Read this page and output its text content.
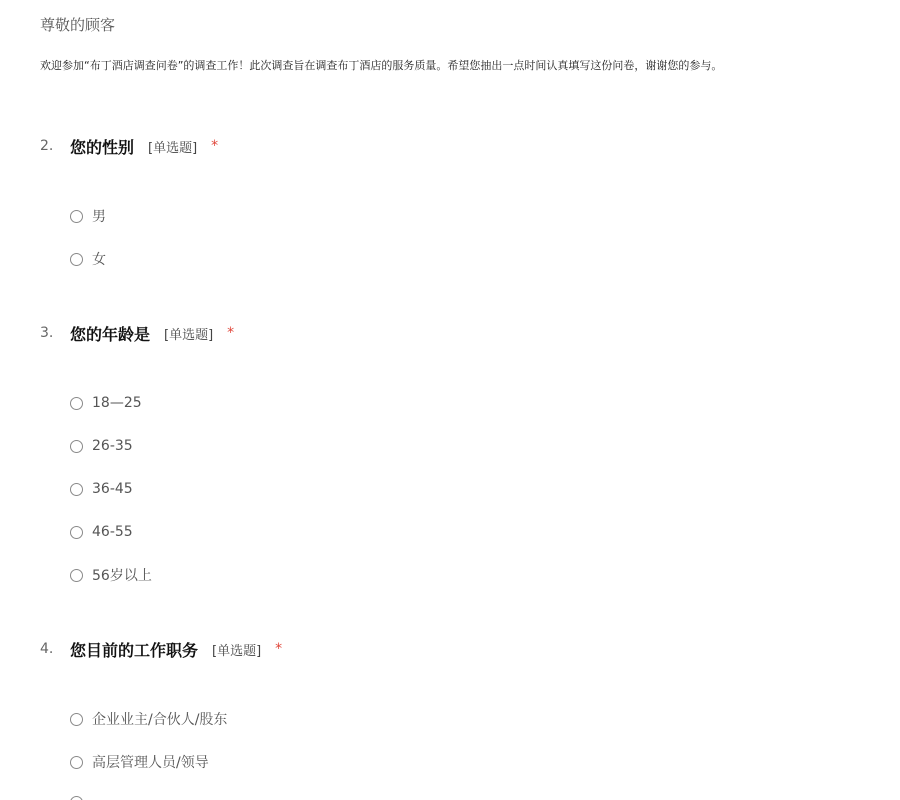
尊敬的顾客
欢迎参加“布丁酒店调查问卷”的调查工作！此次调查旨在调查布丁酒店的服务质量。希望您抽出一点时间认真填写这份问卷，谢谢您的参与。
2.	您的性别 [单选题] *
男
女
3.	您的年龄是 [单选题] *
18—25
26-35
36-45
46-55
56岁以上
4.	您目前的工作职务 [单选题] *
企业业主/合伙人/股东
高层管理人员/领导
